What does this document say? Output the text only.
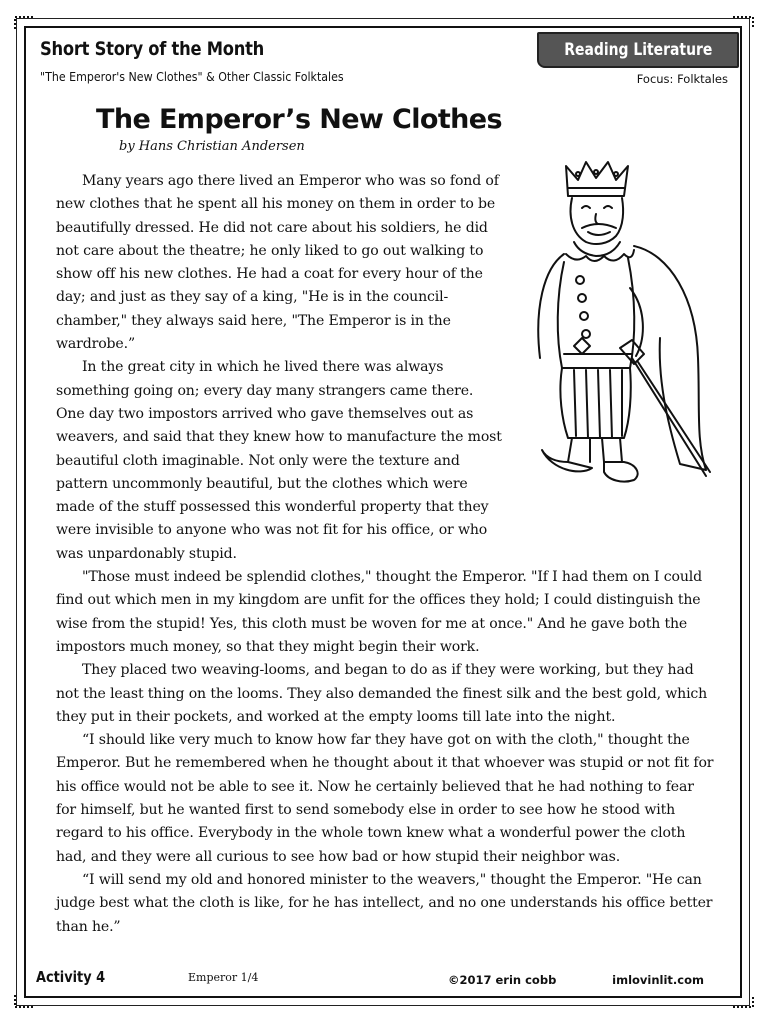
Short Story of the Month
"The Emperor's New Clothes" & Other Classic Folktales
Reading Literature
Focus: Folktales
The Emperor’s New Clothes
by Hans Christian Andersen

Many years ago there lived an Emperor who was so fond of new clothes that he spent all his money on them in order to be beautifully dressed. He did not care about his soldiers, he did not care about the theatre; he only liked to go out walking to show off his new clothes. He had a coat for every hour of the day; and just as they say of a king, "He is in the council-chamber," they always said here, "The Emperor is in the wardrobe.”

In the great city in which he lived there was always something going on; every day many strangers came there. One day two impostors arrived who gave themselves out as weavers, and said that they knew how to manufacture the most beautiful cloth imaginable. Not only were the texture and pattern uncommonly beautiful, but the clothes which were made of the stuff possessed this wonderful property that they were invisible to anyone who was not fit for his office, or who was unpardonably stupid.

"Those must indeed be splendid clothes," thought the Emperor. "If I had them on I could find out which men in my kingdom are unfit for the offices they hold; I could distinguish the wise from the stupid! Yes, this cloth must be woven for me at once." And he gave both the impostors much money, so that they might begin their work.

They placed two weaving-looms, and began to do as if they were working, but they had not the least thing on the looms. They also demanded the finest silk and the best gold, which they put in their pockets, and worked at the empty looms till late into the night.

“I should like very much to know how far they have got on with the cloth," thought the Emperor. But he remembered when he thought about it that whoever was stupid or not fit for his office would not be able to see it. Now he certainly believed that he had nothing to fear for himself, but he wanted first to send somebody else in order to see how he stood with regard to his office. Everybody in the whole town knew what a wonderful power the cloth had, and they were all curious to see how bad or how stupid their neighbor was.

“I will send my old and honored minister to the weavers," thought the Emperor. "He can judge best what the cloth is like, for he has intellect, and no one understands his office better than he.”

Activity 4	Emperor 1/4	©2017 erin cobb	imlovinlit.com
